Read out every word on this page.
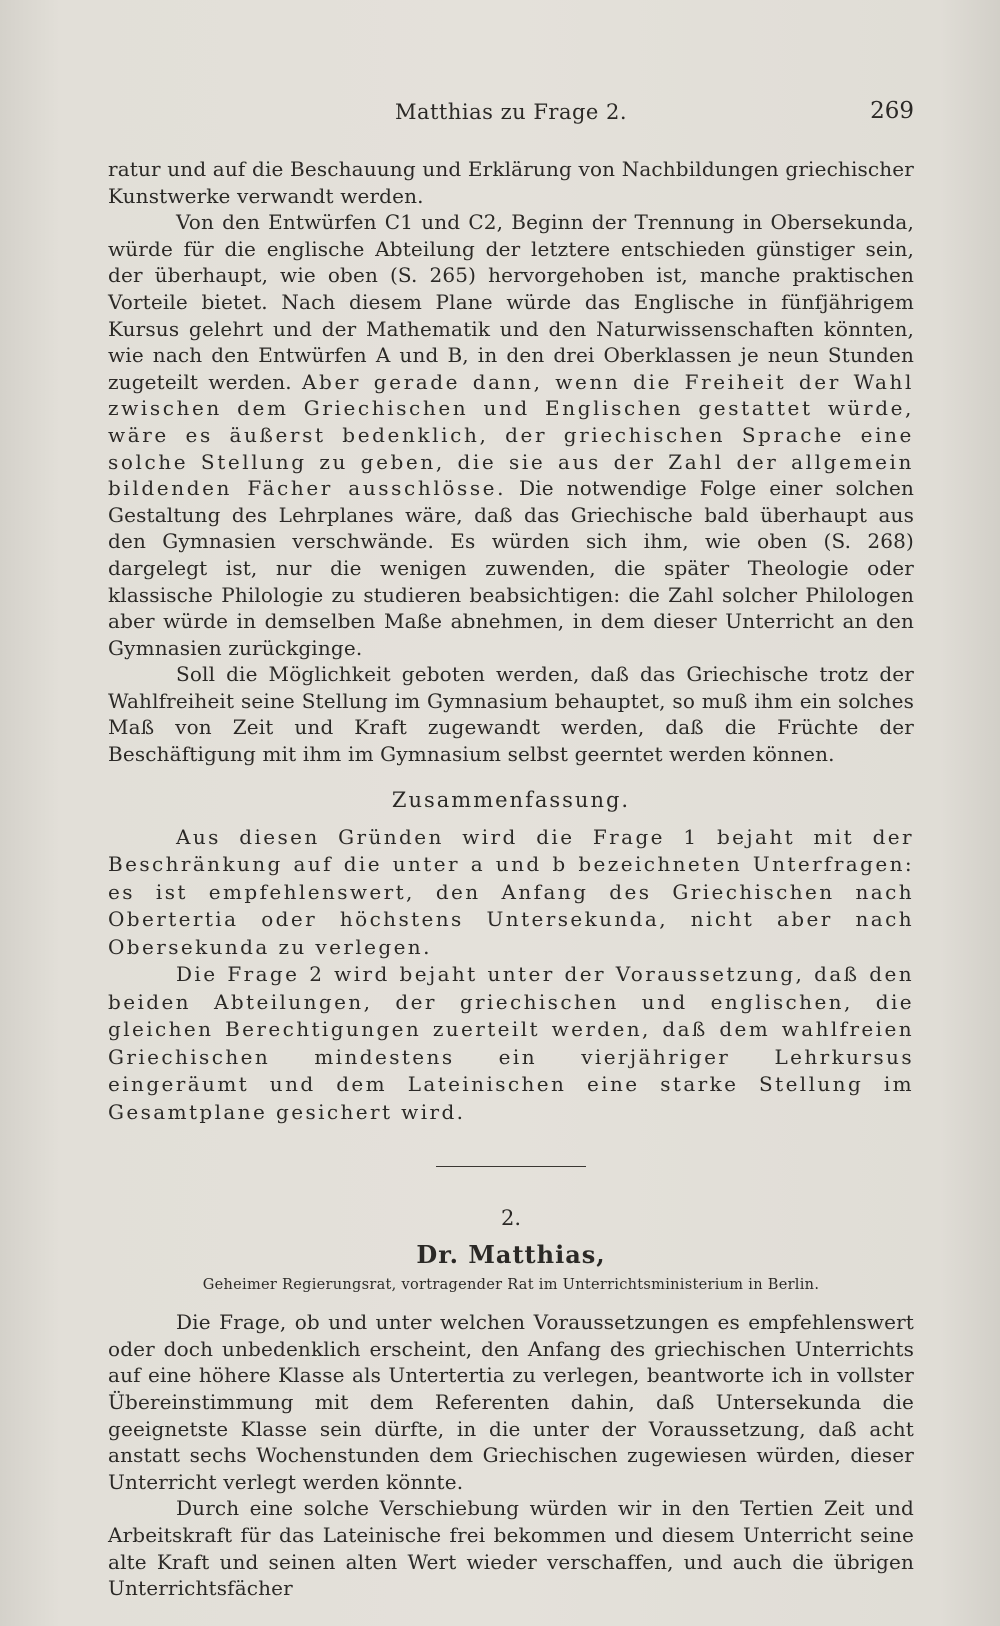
Matthias zu Frage 2.	269

ratur und auf die Beschauung und Erklärung von Nachbildungen griechischer Kunstwerke verwandt werden.

Von den Entwürfen C1 und C2, Beginn der Trennung in Obersekunda, würde für die englische Abteilung der letztere entschieden günstiger sein, der überhaupt, wie oben (S. 265) hervorgehoben ist, manche praktischen Vorteile bietet. Nach diesem Plane würde das Englische in fünfjährigem Kursus gelehrt und der Mathematik und den Naturwissenschaften könnten, wie nach den Entwürfen A und B, in den drei Oberklassen je neun Stunden zugeteilt werden. Aber gerade dann, wenn die Freiheit der Wahl zwischen dem Griechischen und Englischen gestattet würde, wäre es äußerst bedenklich, der griechischen Sprache eine solche Stellung zu geben, die sie aus der Zahl der allgemein bildenden Fächer ausschlösse. Die notwendige Folge einer solchen Gestaltung des Lehrplanes wäre, daß das Griechische bald überhaupt aus den Gymnasien verschwände. Es würden sich ihm, wie oben (S. 268) dargelegt ist, nur die wenigen zuwenden, die später Theologie oder klassische Philologie zu studieren beabsichtigen: die Zahl solcher Philologen aber würde in demselben Maße abnehmen, in dem dieser Unterricht an den Gymnasien zurückginge.

Soll die Möglichkeit geboten werden, daß das Griechische trotz der Wahlfreiheit seine Stellung im Gymnasium behauptet, so muß ihm ein solches Maß von Zeit und Kraft zugewandt werden, daß die Früchte der Beschäftigung mit ihm im Gymnasium selbst geerntet werden können.

Zusammenfassung.

Aus diesen Gründen wird die Frage 1 bejaht mit der Beschränkung auf die unter a und b bezeichneten Unterfragen: es ist empfehlenswert, den Anfang des Griechischen nach Obertertia oder höchstens Untersekunda, nicht aber nach Obersekunda zu verlegen.

Die Frage 2 wird bejaht unter der Voraussetzung, daß den beiden Abteilungen, der griechischen und englischen, die gleichen Berechtigungen zuerteilt werden, daß dem wahlfreien Griechischen mindestens ein vierjähriger Lehrkursus eingeräumt und dem Lateinischen eine starke Stellung im Gesamtplane gesichert wird.

2.
Dr. Matthias,
Geheimer Regierungsrat, vortragender Rat im Unterrichtsministerium in Berlin.

Die Frage, ob und unter welchen Voraussetzungen es empfehlenswert oder doch unbedenklich erscheint, den Anfang des griechischen Unterrichts auf eine höhere Klasse als Untertertia zu verlegen, beantworte ich in vollster Übereinstimmung mit dem Referenten dahin, daß Untersekunda die geeignetste Klasse sein dürfte, in die unter der Voraussetzung, daß acht anstatt sechs Wochenstunden dem Griechischen zugewiesen würden, dieser Unterricht verlegt werden könnte.

Durch eine solche Verschiebung würden wir in den Tertien Zeit und Arbeitskraft für das Lateinische frei bekommen und diesem Unterricht seine alte Kraft und seinen alten Wert wieder verschaffen, und auch die übrigen Unterrichtsfächer
